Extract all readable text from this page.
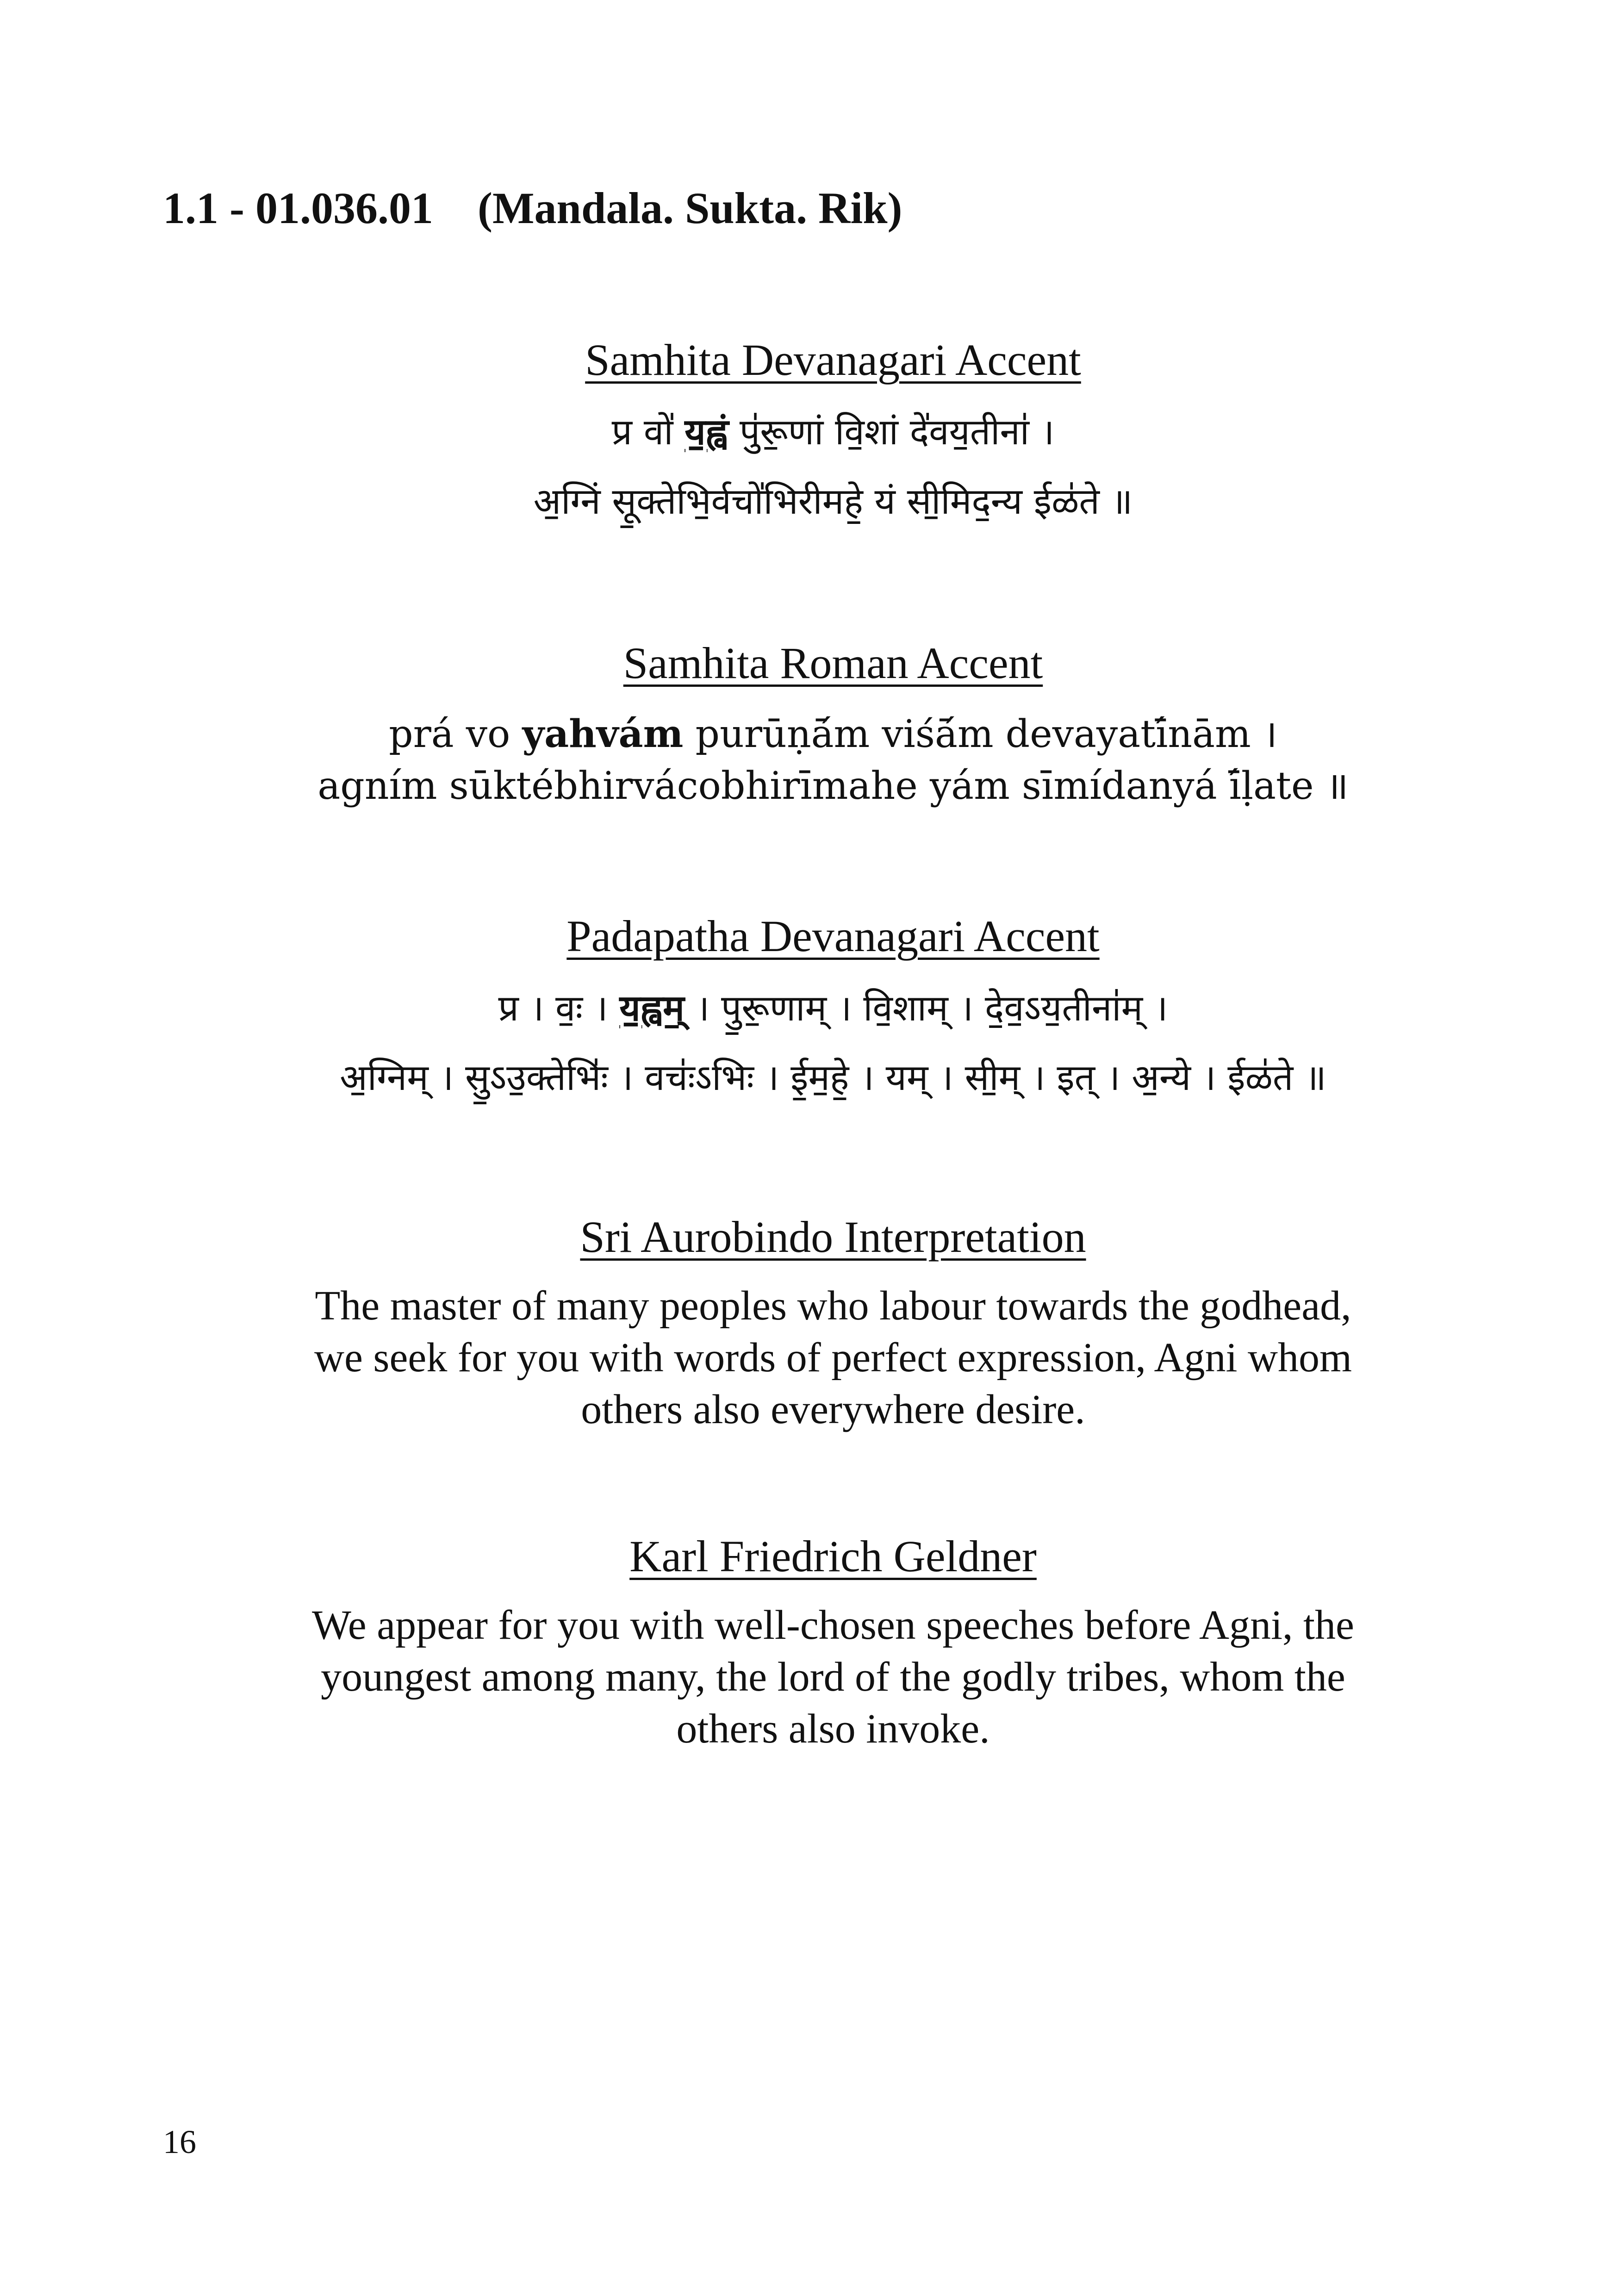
1.1 - 01.036.01 (Mandala. Sukta. Rik)

Samhita Devanagari Accent

प्र वो॑ य॒ह्वं पु॑रू॒णां वि॒शां दे॑वय॒तीना॑ ।

अ॒ग्निं सू॒क्तेभि॒र्वचो॑भिरीमहे॒ यं सी॒मिद॒न्य ईळ॑ते ॥

Samhita Roman Accent

prá vo yahvám purūṇā́m viśā́m devayatī́nām ।

agním sūktébhirvácobhirīmahe yám sīmídanyá ī́ḷate ॥

Padapatha Devanagari Accent

प्र । वः॒ । य॒ह्वम् । पु॒रू॒णाम् । वि॒शाम् । दे॒व॒ऽय॒तीना॑म् ।

अ॒ग्निम् । सु॒ऽउ॒क्तेभिः॑ । वचः॑ऽभिः । ई॒म॒हे॒ । यम् । सी॒म् । इत् । अ॒न्ये । ईळ॑ते ॥

Sri Aurobindo Interpretation

The master of many peoples who labour towards the godhead,

we seek for you with words of perfect expression, Agni whom

others also everywhere desire.

Karl Friedrich Geldner

We appear for you with well-chosen speeches before Agni, the

youngest among many, the lord of the godly tribes, whom the

others also invoke.

16
